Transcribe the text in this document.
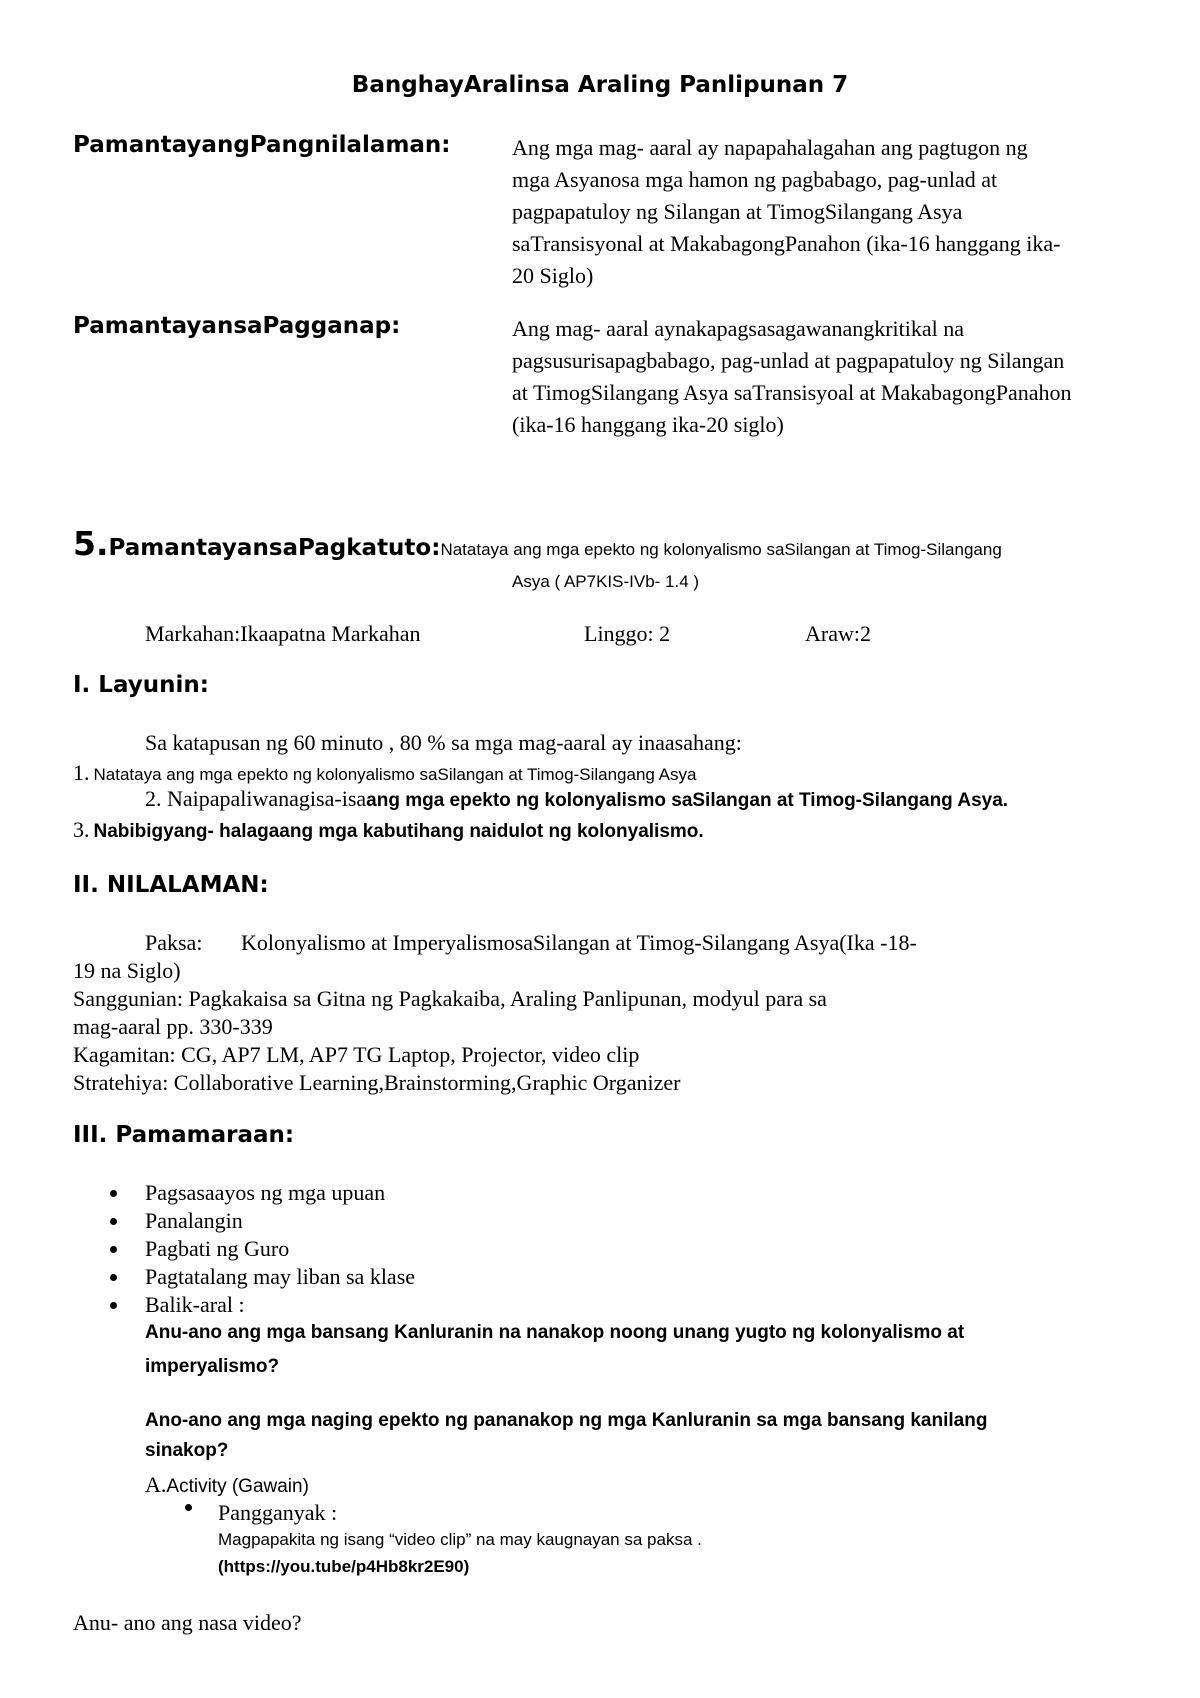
BanghayAralinsa Araling Panlipunan 7
PamantayangPangnilalaman:	Ang mga mag- aaral ay napapahalagahan ang pagtugon ng
mga Asyanosa mga hamon ng pagbabago, pag-unlad at
pagpapatuloy ng Silangan at TimogSilangang Asya
saTransisyonal at MakabagongPanahon (ika-16 hanggang ika-
20 Siglo)
PamantayansaPagganap:	Ang mag- aaral aynakapagsasagawanangkritikal na
pagsusurisapagbabago, pag-unlad at pagpapatuloy ng Silangan
at TimogSilangang Asya saTransisyoal at MakabagongPanahon
(ika-16 hanggang ika-20 siglo)
5.PamantayansaPagkatuto:Natataya ang mga epekto ng kolonyalismo saSilangan at Timog-Silangang
Asya ( AP7KIS-IVb- 1.4 )
Markahan:Ikaapatna Markahan	Linggo: 2	Araw:2
I. Layunin:
Sa katapusan ng 60 minuto , 80 % sa mga mag-aaral ay inaasahang:
1. Natataya ang mga epekto ng kolonyalismo saSilangan at Timog-Silangang Asya
2. Naipapaliwanagisa-isaang mga epekto ng kolonyalismo saSilangan at Timog-Silangang Asya.
3. Nabibigyang- halagaang mga kabutihang naidulot ng kolonyalismo.
II. NILALAMAN:
Paksa: Kolonyalismo at ImperyalismosaSilangan at Timog-Silangang Asya(Ika -18-
19 na Siglo)
Sanggunian: Pagkakaisa sa Gitna ng Pagkakaiba, Araling Panlipunan, modyul para sa
mag-aaral pp. 330-339
Kagamitan: CG, AP7 LM, AP7 TG Laptop, Projector, video clip
Stratehiya: Collaborative Learning,Brainstorming,Graphic Organizer
III. Pamamaraan:
Pagsasaayos ng mga upuan
Panalangin
Pagbati ng Guro
Pagtatalang may liban sa klase
Balik-aral :
Anu-ano ang mga bansang Kanluranin na nanakop noong unang yugto ng kolonyalismo at
imperyalismo?
Ano-ano ang mga naging epekto ng pananakop ng mga Kanluranin sa mga bansang kanilang
sinakop?
A.Activity (Gawain)
Pangganyak :
Magpapakita ng isang “video clip” na may kaugnayan sa paksa .
(https://you.tube/p4Hb8kr2E90)
Anu- ano ang nasa video?
